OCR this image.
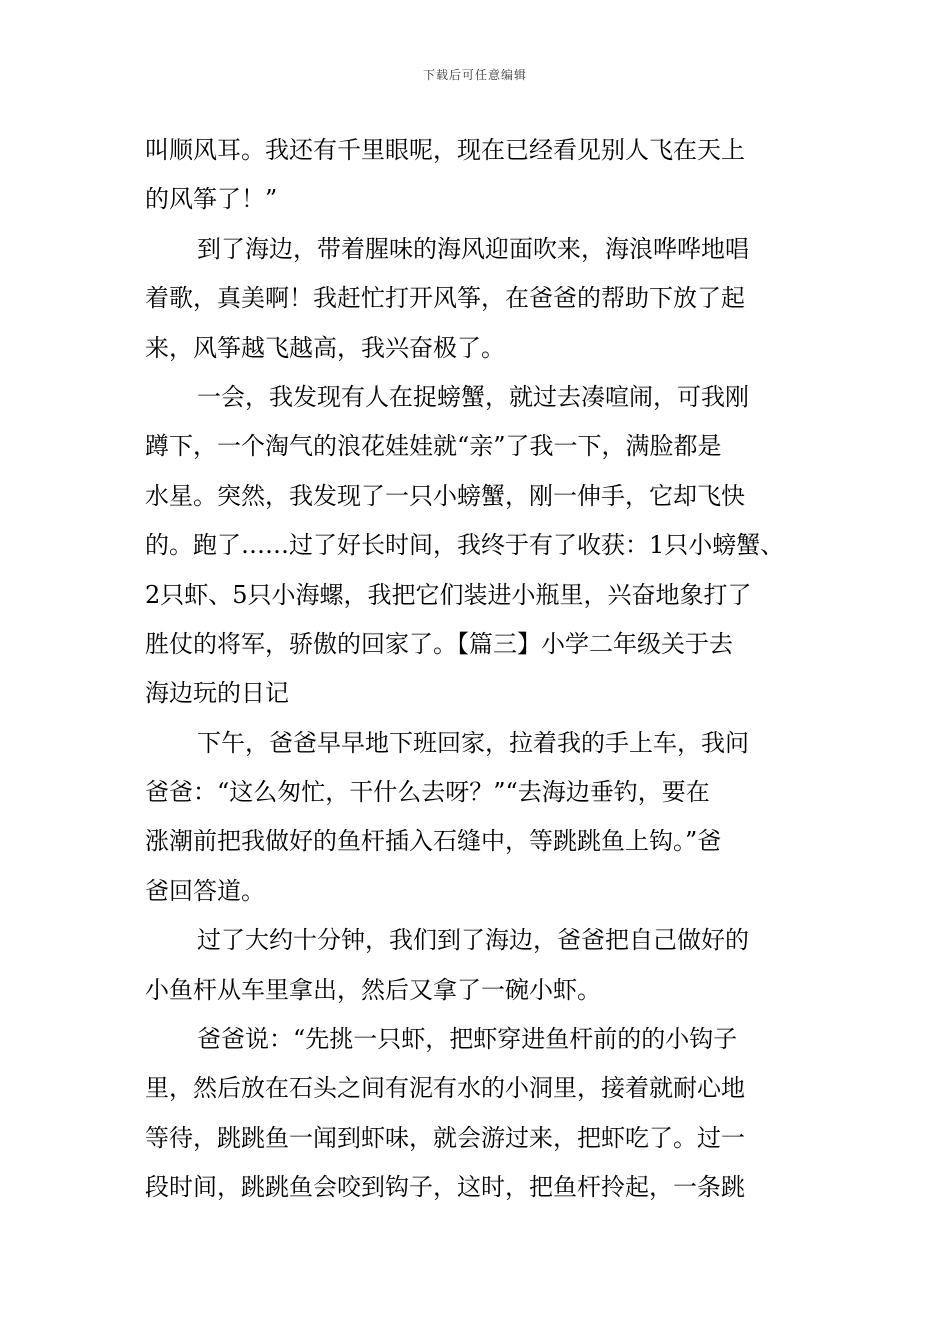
下载后可任意编辑
叫顺风耳。我还有千里眼呢，现在已经看见别人飞在天上
的风筝了！”
到了海边，带着腥味的海风迎面吹来，海浪哗哗地唱
着歌，真美啊！我赶忙打开风筝，在爸爸的帮助下放了起
来，风筝越飞越高，我兴奋极了。
一会，我发现有人在捉螃蟹，就过去凑喧闹，可我刚
蹲下，一个淘气的浪花娃娃就“亲”了我一下，满脸都是
水星。突然，我发现了一只小螃蟹，刚一伸手，它却飞快
的。跑了……过了好长时间，我终于有了收获：1只小螃蟹、
2只虾、5只小海螺，我把它们装进小瓶里，兴奋地象打了
胜仗的将军，骄傲的回家了。【篇三】小学二年级关于去
海边玩的日记
下午，爸爸早早地下班回家，拉着我的手上车，我问
爸爸：“这么匆忙，干什么去呀？”“去海边垂钓，要在
涨潮前把我做好的鱼杆插入石缝中，等跳跳鱼上钩。”爸
爸回答道。
过了大约十分钟，我们到了海边，爸爸把自己做好的
小鱼杆从车里拿出，然后又拿了一碗小虾。
爸爸说：“先挑一只虾，把虾穿进鱼杆前的的小钩子
里，然后放在石头之间有泥有水的小洞里，接着就耐心地
等待，跳跳鱼一闻到虾味，就会游过来，把虾吃了。过一
段时间，跳跳鱼会咬到钩子，这时，把鱼杆拎起，一条跳
